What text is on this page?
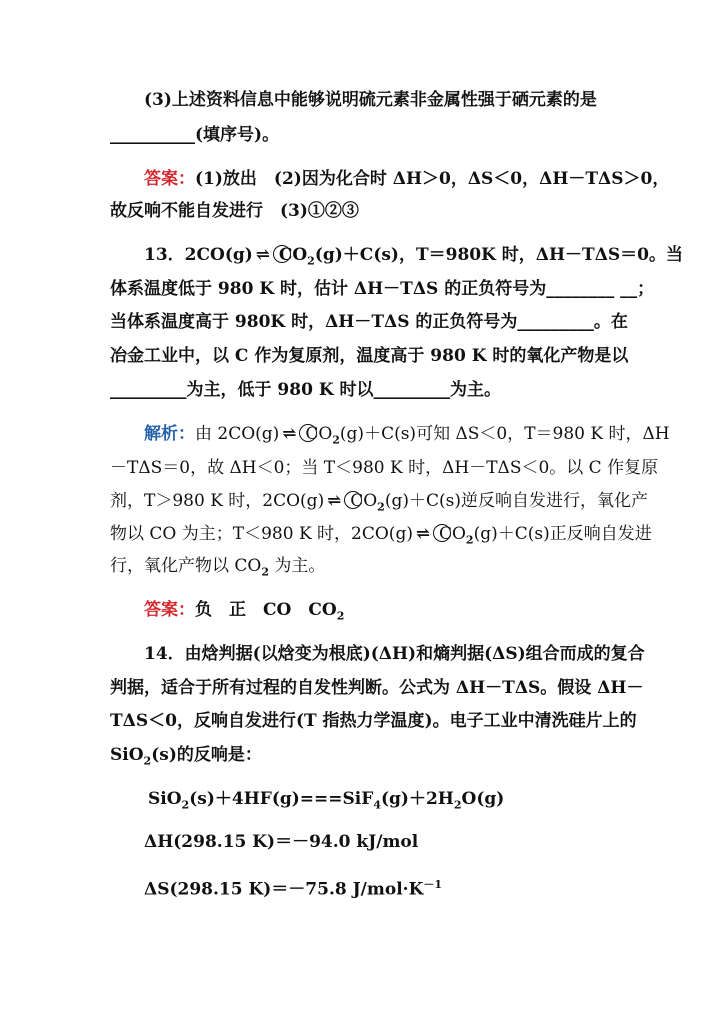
(3)上述资料信息中能够说明硫元素非金属性强于硒元素的是
__________(填序号)。
答案：(1)放出　(2)因为化合时 ΔH＞0，ΔS＜0，ΔH－TΔS＞0，
故反响不能自发进行　(3)①②③
13．2CO(g) ⇌ $CO_2(g)+C(s)$，T＝980K 时，ΔH－TΔS＝0。当
体系温度低于 980 K 时，估计 ΔH－TΔS 的正负符号为________ __；
当体系温度高于 980K 时，ΔH－TΔS 的正负符号为_________。在
冶金工业中，以 C 作为复原剂，温度高于 980 K 时的氧化产物是以
_________为主，低于 980 K 时以_________为主。
解析：由 2CO(g) ⇌ $CO_2(g)+C(s)$可知 ΔS＜0，T＝980 K 时，ΔH
－TΔS＝0，故 ΔH＜0；当 T＜980 K 时，ΔH－TΔS＜0。以 C 作复原
剂，T＞980 K 时，2CO(g) ⇌ $CO_2(g)+C(s)$逆反响自发进行，氧化产
物以 CO 为主；T＜980 K 时，2CO(g) ⇌ $CO_2(g)+C(s)$正反响自发进
行，氧化产物以 $CO_2$ 为主。
答案：负　正　CO　$CO_2$
14．由焓判据(以焓变为根底)(ΔH)和熵判据(ΔS)组合而成的复合
判据，适合于所有过程的自发性判断。公式为 ΔH－TΔS。假设 ΔH－
TΔS＜0，反响自发进行(T 指热力学温度)。电子工业中清洗硅片上的
SiO$_2$(s)的反响是：
$SiO_2(s)+4HF(g)===SiF_4(g)+2H_2O(g)$
ΔH(298.15 K)＝－94.0 kJ/mol
ΔS(298.15 K)＝－75.8 $J/mol\cdot K^{-1}$
